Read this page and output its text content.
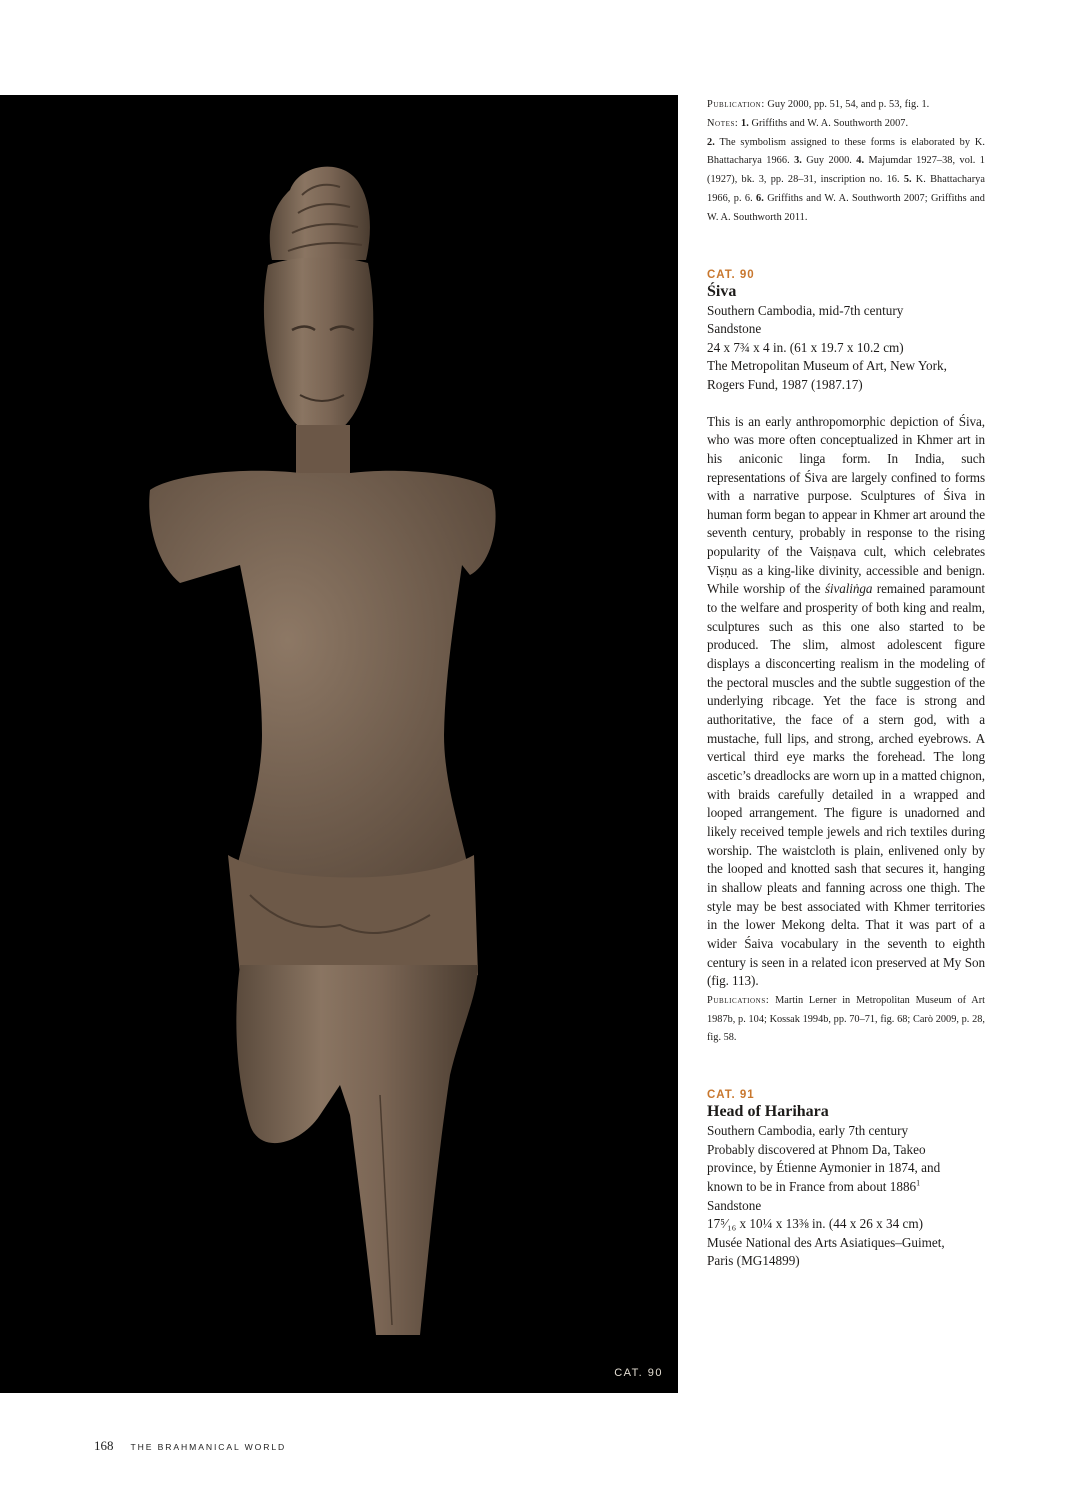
CAT. 90
Publication: Guy 2000, pp. 51, 54, and p. 53, fig. 1.
Notes: 1. Griffiths and W. A. Southworth 2007.
2. The symbolism assigned to these forms is elaborated by K. Bhattacharya 1966. 3. Guy 2000. 4. Majumdar 1927–38, vol. 1 (1927), bk. 3, pp. 28–31, inscription no. 16. 5. K. Bhattacharya 1966, p. 6. 6. Griffiths and W. A. Southworth 2007; Griffiths and W. A. Southworth 2011.
CAT. 90
Śiva
Southern Cambodia, mid-7th century
Sandstone
24 x 7¾ x 4 in. (61 x 19.7 x 10.2 cm)
The Metropolitan Museum of Art, New York,
Rogers Fund, 1987 (1987.17)
This is an early anthropomorphic depiction of Śiva, who was more often conceptualized in Khmer art in his aniconic linga form. In India, such representations of Śiva are largely confined to forms with a narrative purpose. Sculptures of Śiva in human form began to appear in Khmer art around the seventh century, probably in response to the rising popularity of the Vaiṣṇava cult, which celebrates Viṣṇu as a king-like divinity, accessible and benign. While worship of the śivaliṅga remained paramount to the welfare and prosperity of both king and realm, sculptures such as this one also started to be produced. The slim, almost adolescent figure displays a disconcerting realism in the modeling of the pectoral muscles and the subtle suggestion of the underlying ribcage. Yet the face is strong and authoritative, the face of a stern god, with a mustache, full lips, and strong, arched eyebrows. A vertical third eye marks the forehead. The long ascetic’s dreadlocks are worn up in a matted chignon, with braids carefully detailed in a wrapped and looped arrangement. The figure is unadorned and likely received temple jewels and rich textiles during worship. The waistcloth is plain, enlivened only by the looped and knotted sash that secures it, hanging in shallow pleats and fanning across one thigh. The style may be best associated with Khmer territories in the lower Mekong delta. That it was part of a wider Śaiva vocabulary in the seventh to eighth century is seen in a related icon preserved at My Son (fig. 113).
Publications: Martin Lerner in Metropolitan Museum of Art 1987b, p. 104; Kossak 1994b, pp. 70–71, fig. 68; Carò 2009, p. 28, fig. 58.
CAT. 91
Head of Harihara
Southern Cambodia, early 7th century
Probably discovered at Phnom Da, Takeo
province, by Étienne Aymonier in 1874, and
known to be in France from about 1886$^1$
Sandstone
17⁵⁄₁₆ x 10¼ x 13⅜ in. (44 x 26 x 34 cm)
Musée National des Arts Asiatiques–Guimet,
Paris (MG14899)
168 THE BRAHMANICAL WORLD
